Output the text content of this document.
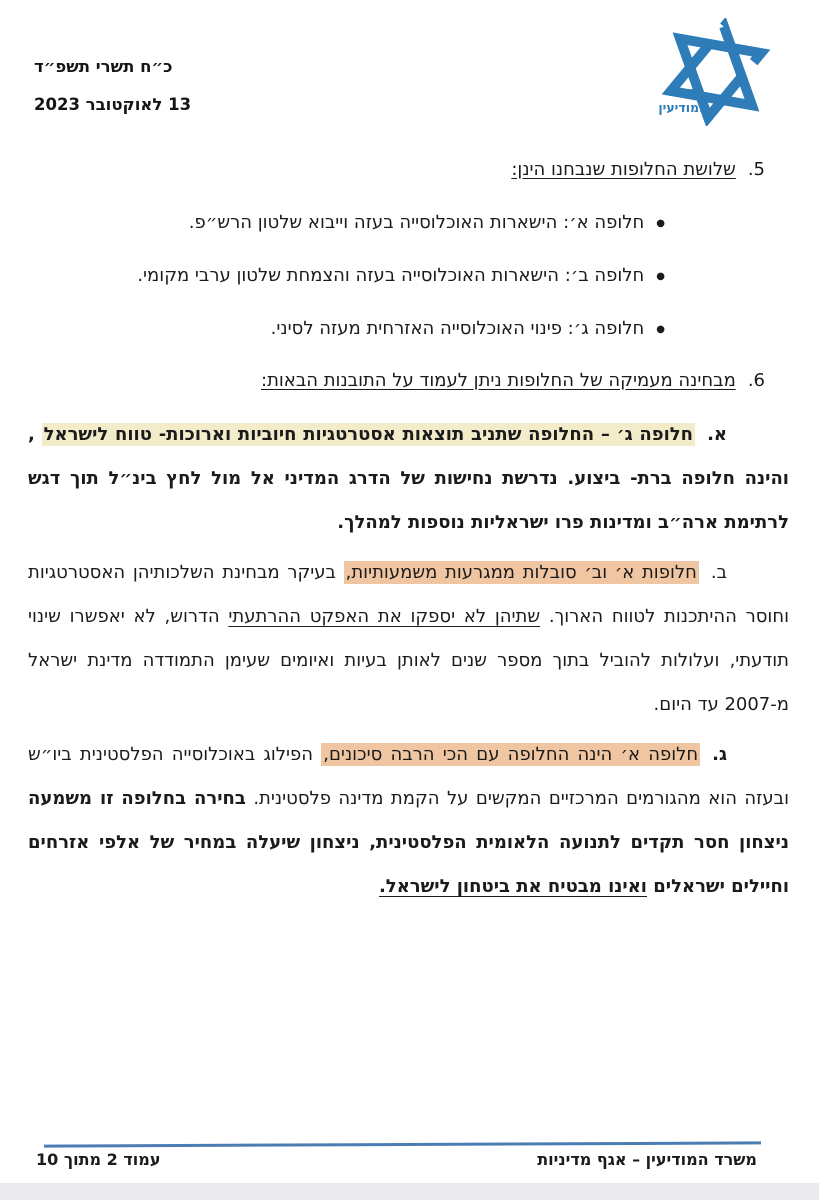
כ״ח תשרי תשפ״ד
13 לאוקטובר 2023
משרד
המודיעין
5.שלושת החלופות שנבחנו הינן:
●חלופה א׳: הישארות האוכלוסייה בעזה וייבוא שלטון הרש״פ.
●חלופה ב׳: הישארות האוכלוסייה בעזה והצמחת שלטון ערבי מקומי.
●חלופה ג׳: פינוי האוכלוסייה האזרחית מעזה לסיני.
6.מבחינה מעמיקה של החלופות ניתן לעמוד על התובנות הבאות:
א.חלופה ג׳ – החלופה שתניב תוצאות אסטרטגיות חיוביות וארוכות- טווח לישראל , והינה חלופה ברת- ביצוע. נדרשת נחישות של הדרג המדיני אל מול לחץ בינ״ל תוך דגש לרתימת ארה״ב ומדינות פרו ישראליות נוספות למהלך.
ב.חלופות א׳ וב׳ סובלות ממגרעות משמעותיות, בעיקר מבחינת השלכותיהן האסטרטגיות וחוסר ההיתכנות לטווח הארוך. שתיהן לא יספקו את האפקט ההרתעתי הדרוש, לא יאפשרו שינוי תודעתי, ועלולות להוביל בתוך מספר שנים לאותן בעיות ואיומים שעימן התמודדה מדינת ישראל מ-2007 עד היום.
ג.חלופה א׳ הינה החלופה עם הכי הרבה סיכונים, הפילוג באוכלוסייה הפלסטינית ביו״ש ובעזה הוא מהגורמים המרכזיים המקשים על הקמת מדינה פלסטינית. בחירה בחלופה זו משמעה ניצחון חסר תקדים לתנועה הלאומית הפלסטינית, ניצחון שיעלה במחיר של אלפי אזרחים וחיילים ישראלים ואינו מבטיח את ביטחון לישראל.
משרד המודיעין – אגף מדיניות
עמוד 2 מתוך 10
